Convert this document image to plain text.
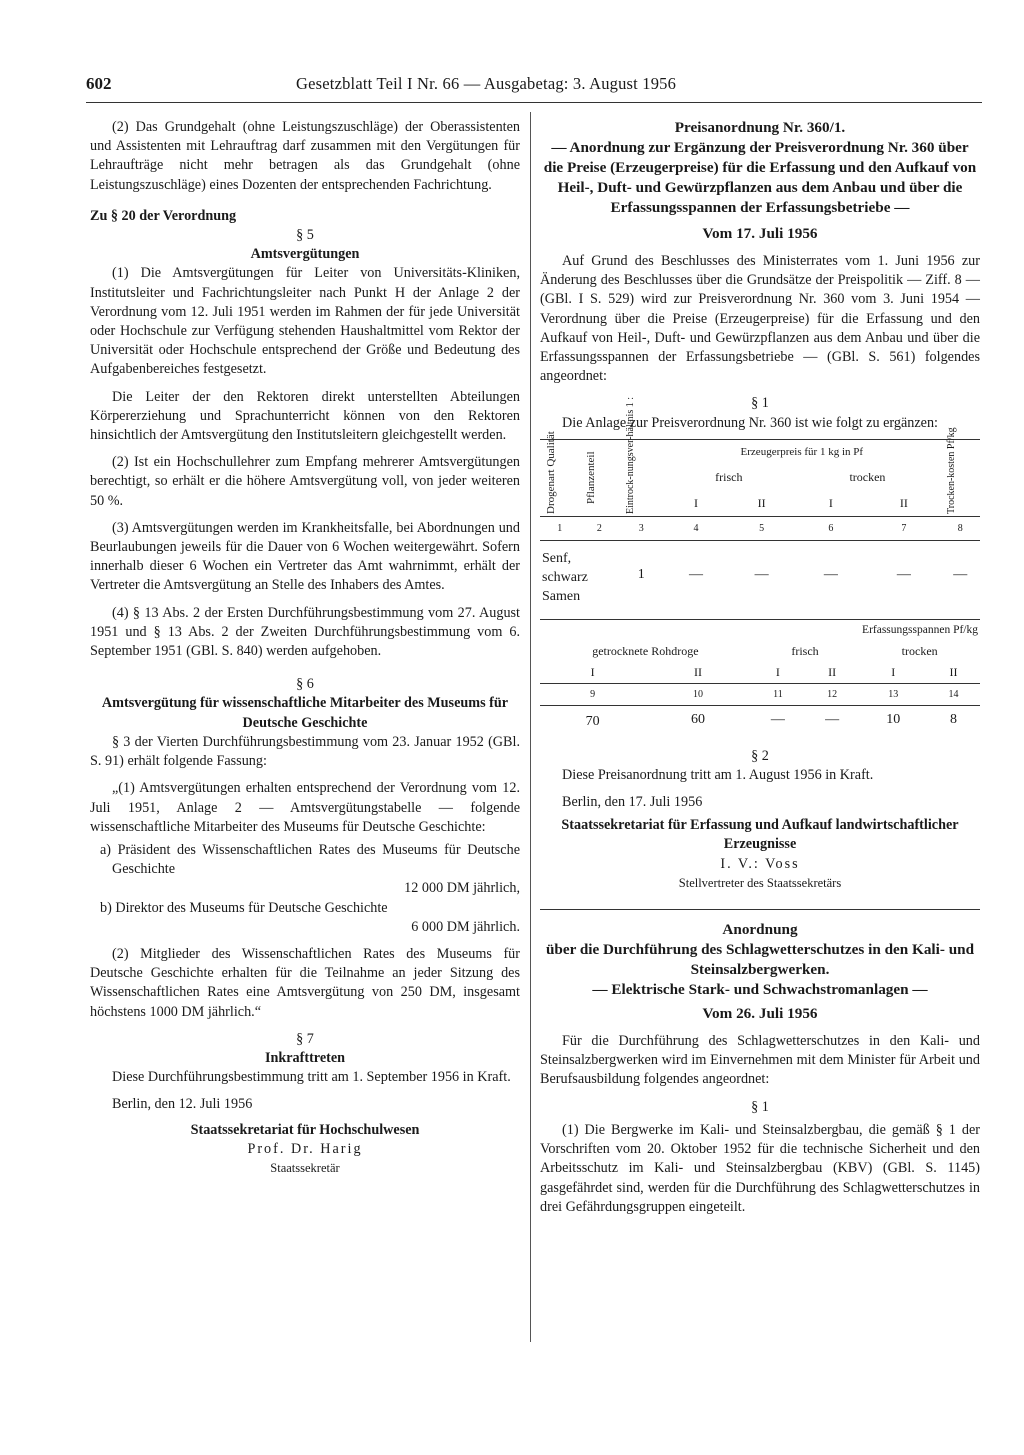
602	Gesetzblatt Teil I Nr. 66 — Ausgabetag: 3. August 1956

(2) Das Grundgehalt (ohne Leistungszuschläge) der Oberassistenten und Assistenten mit Lehrauftrag darf zusammen mit den Vergütungen für Lehraufträge nicht mehr betragen als das Grundgehalt (ohne Leistungszuschläge) eines Dozenten der entsprechenden Fachrichtung.

Zu § 20 der Verordnung

§ 5
Amtsvergütungen

(1) Die Amtsvergütungen für Leiter von Universitäts-Kliniken, Institutsleiter und Fachrichtungsleiter nach Punkt H der Anlage 2 der Verordnung vom 12. Juli 1951 werden im Rahmen der für jede Universität oder Hochschule zur Verfügung stehenden Haushaltmittel vom Rektor der Universität oder Hochschule entsprechend der Größe und Bedeutung des Aufgabenbereiches festgesetzt.

Die Leiter der den Rektoren direkt unterstellten Abteilungen Körpererziehung und Sprachunterricht können von den Rektoren hinsichtlich der Amtsvergütung den Institutsleitern gleichgestellt werden.

(2) Ist ein Hochschullehrer zum Empfang mehrerer Amtsvergütungen berechtigt, so erhält er die höhere Amtsvergütung voll, von jeder weiteren 50 %.

(3) Amtsvergütungen werden im Krankheitsfalle, bei Abordnungen und Beurlaubungen jeweils für die Dauer von 6 Wochen weitergewährt. Sofern innerhalb dieser 6 Wochen ein Vertreter das Amt wahrnimmt, erhält der Vertreter die Amtsvergütung an Stelle des Inhabers des Amtes.

(4) § 13 Abs. 2 der Ersten Durchführungsbestimmung vom 27. August 1951 und § 13 Abs. 2 der Zweiten Durchführungsbestimmung vom 6. September 1951 (GBl. S. 840) werden aufgehoben.

§ 6
Amtsvergütung für wissenschaftliche Mitarbeiter des Museums für Deutsche Geschichte

§ 3 der Vierten Durchführungsbestimmung vom 23. Januar 1952 (GBl. S. 91) erhält folgende Fassung:

„(1) Amtsvergütungen erhalten entsprechend der Verordnung vom 12. Juli 1951, Anlage 2 — Amtsvergütungstabelle — folgende wissenschaftliche Mitarbeiter des Museums für Deutsche Geschichte:

a) Präsident des Wissenschaftlichen Rates des Museums für Deutsche Geschichte

12 000 DM jährlich,

b) Direktor des Museums für Deutsche Geschichte

6 000 DM jährlich.

(2) Mitglieder des Wissenschaftlichen Rates des Museums für Deutsche Geschichte erhalten für die Teilnahme an jeder Sitzung des Wissenschaftlichen Rates eine Amtsvergütung von 250 DM, insgesamt höchstens 1000 DM jährlich.“

§ 7
Inkrafttreten

Diese Durchführungsbestimmung tritt am 1. September 1956 in Kraft.

Berlin, den 12. Juli 1956

Staatssekretariat für Hochschulwesen
Prof. Dr. Harig
Staatssekretär
Preisanordnung Nr. 360/1.
— Anordnung zur Ergänzung der Preisverordnung Nr. 360 über die Preise (Erzeugerpreise) für die Erfassung und den Aufkauf von Heil-, Duft- und Gewürzpflanzen aus dem Anbau und über die Erfassungsspannen der Erfassungsbetriebe —
Vom 17. Juli 1956

Auf Grund des Beschlusses des Ministerrates vom 1. Juni 1956 zur Änderung des Beschlusses über die Grundsätze der Preispolitik — Ziff. 8 — (GBl. I S. 529) wird zur Preisverordnung Nr. 360 vom 3. Juni 1954 — Verordnung über die Preise (Erzeugerpreise) für die Erfassung und den Aufkauf von Heil-, Duft- und Gewürzpflanzen aus dem Anbau und über die Erfassungsspannen der Erfassungsbetriebe — (GBl. S. 561) folgendes angeordnet:

§ 1

Die Anlage zur Preisverordnung Nr. 360 ist wie folgt zu ergänzen:

Drogenart Qualität	Pflanzenteil	Eintrock-nungsver-hältnis 1 :	Erzeugerpreis für 1 kg in Pf				Trocken-kosten Pf/kg

			frisch		trocken		
			I	II	I	II	
1	2	3	4	5	6	7	8
Senf, schwarz Samen		1	—	—	—	—	—
		Erfassungsspannen Pf/kg			
getrocknete Rohdroge		frisch		trocken	
I	II	I	II	I	II
9	10	11	12	13	14
70	60	—	—	10	8
§ 2

Diese Preisanordnung tritt am 1. August 1956 in Kraft.

Berlin, den 17. Juli 1956

Staatssekretariat für Erfassung und Aufkauf landwirtschaftlicher Erzeugnisse
I. V.: Voss
Stellvertreter des Staatssekretärs
Anordnung
über die Durchführung des Schlagwetterschutzes in den Kali- und Steinsalzbergwerken.
— Elektrische Stark- und Schwachstromanlagen —
Vom 26. Juli 1956

Für die Durchführung des Schlagwetterschutzes in den Kali- und Steinsalzbergwerken wird im Einvernehmen mit dem Minister für Arbeit und Berufsausbildung folgendes angeordnet:

§ 1

(1) Die Bergwerke im Kali- und Steinsalzbergbau, die gemäß § 1 der Vorschriften vom 20. Oktober 1952 für die technische Sicherheit und den Arbeitsschutz im Kali- und Steinsalzbergbau (KBV) (GBl. S. 1145) gasgefährdet sind, werden für die Durchführung des Schlagwetterschutzes in drei Gefährdungsgruppen eingeteilt.
